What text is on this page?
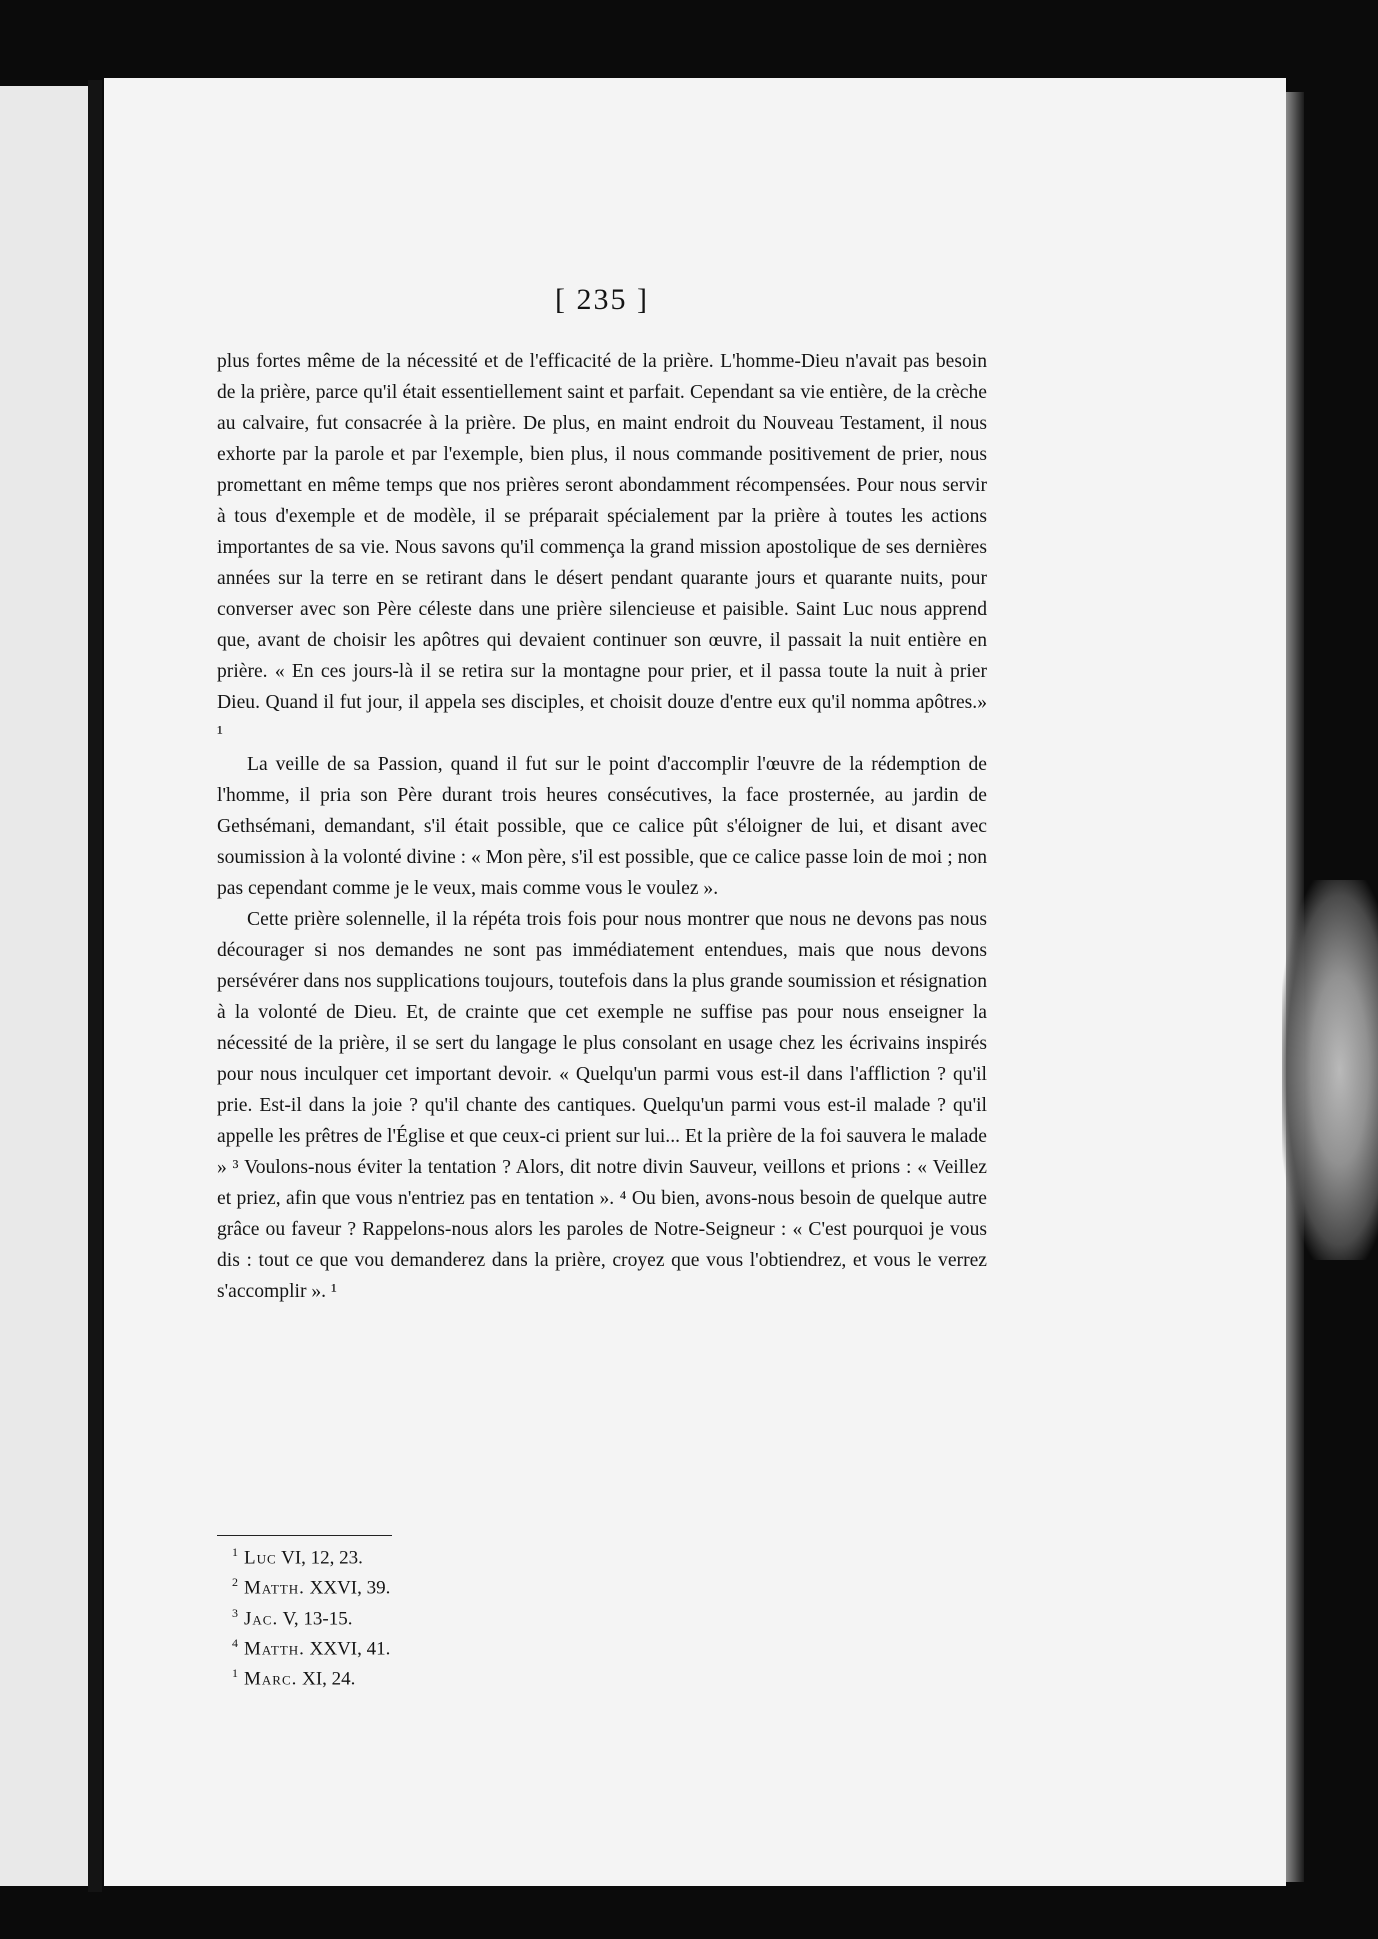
[ 235 ]

plus fortes même de la nécessité et de l'efficacité de la prière. L'homme-Dieu n'avait pas besoin de la prière, parce qu'il était essentiellement saint et parfait. Cependant sa vie entière, de la crèche au calvaire, fut consacrée à la prière. De plus, en maint endroit du Nouveau Testament, il nous exhorte par la parole et par l'exemple, bien plus, il nous commande positivement de prier, nous promettant en même temps que nos prières seront abondamment récompensées. Pour nous servir à tous d'exemple et de modèle, il se préparait spécialement par la prière à toutes les actions importantes de sa vie. Nous savons qu'il commença la grand mission apostolique de ses dernières années sur la terre en se retirant dans le désert pendant quarante jours et quarante nuits, pour converser avec son Père céleste dans une prière silencieuse et paisible. Saint Luc nous apprend que, avant de choisir les apôtres qui devaient continuer son œuvre, il passait la nuit entière en prière. « En ces jours-là il se retira sur la montagne pour prier, et il passa toute la nuit à prier Dieu. Quand il fut jour, il appela ses disciples, et choisit douze d'entre eux qu'il nomma apôtres.» ¹

La veille de sa Passion, quand il fut sur le point d'accomplir l'œuvre de la rédemption de l'homme, il pria son Père durant trois heures consécutives, la face prosternée, au jardin de Gethsémani, demandant, s'il était possible, que ce calice pût s'éloigner de lui, et disant avec soumission à la volonté divine : « Mon père, s'il est possible, que ce calice passe loin de moi ; non pas cependant comme je le veux, mais comme vous le voulez ».

Cette prière solennelle, il la répéta trois fois pour nous montrer que nous ne devons pas nous décourager si nos demandes ne sont pas immédiatement entendues, mais que nous devons persévérer dans nos supplications toujours, toutefois dans la plus grande soumission et résignation à la volonté de Dieu. Et, de crainte que cet exemple ne suffise pas pour nous enseigner la nécessité de la prière, il se sert du langage le plus consolant en usage chez les écrivains inspirés pour nous inculquer cet important devoir. « Quelqu'un parmi vous est-il dans l'affliction ? qu'il prie. Est-il dans la joie ? qu'il chante des cantiques. Quelqu'un parmi vous est-il malade ? qu'il appelle les prêtres de l'Église et que ceux-ci prient sur lui... Et la prière de la foi sauvera le malade » ³ Voulons-nous éviter la tentation ? Alors, dit notre divin Sauveur, veillons et prions : « Veillez et priez, afin que vous n'entriez pas en tentation ». ⁴ Ou bien, avons-nous besoin de quelque autre grâce ou faveur ? Rappelons-nous alors les paroles de Notre-Seigneur : « C'est pourquoi je vous dis : tout ce que vou demanderez dans la prière, croyez que vous l'obtiendrez, et vous le verrez s'accomplir ». ¹

$^1$ Luc VI, 12, 23.

$^2$ Matth. XXVI, 39.

$^3$ Jac. V, 13-15.

$^4$ Matth. XXVI, 41.

$^1$ Marc. XI, 24.
